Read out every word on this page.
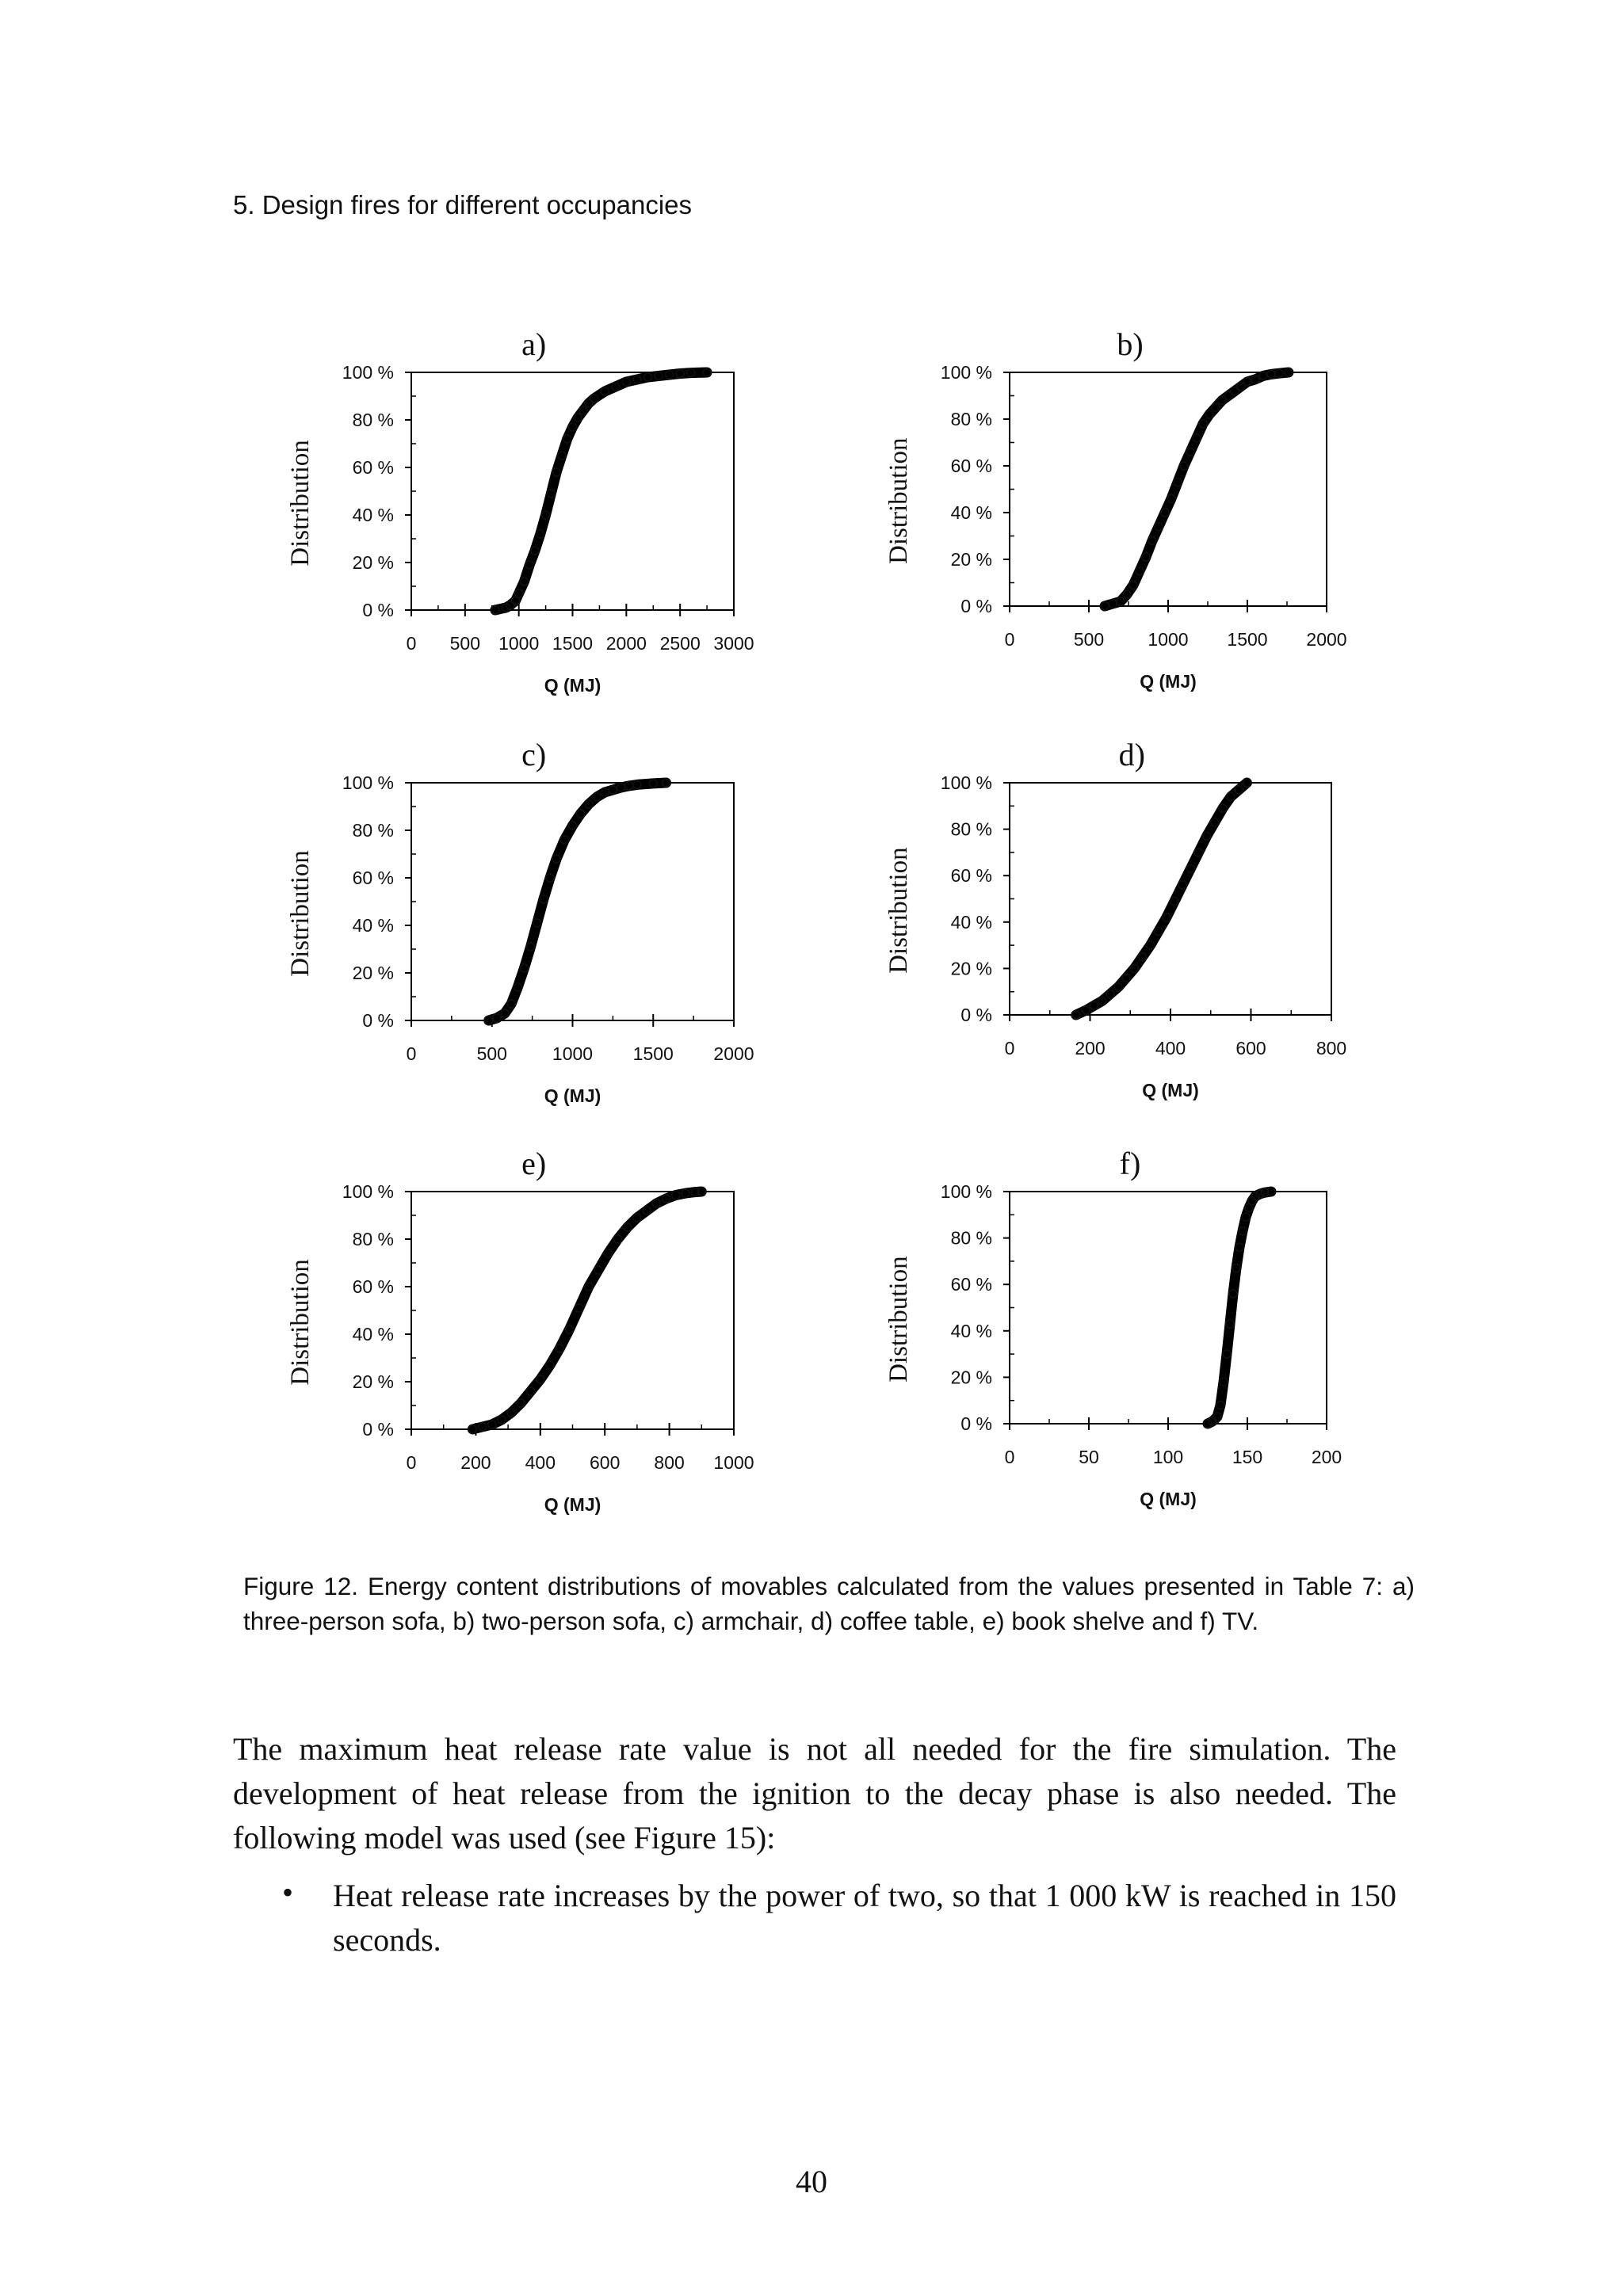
5. Design fires for different occupancies
a)
0 %
20 %
40 %
60 %
80 %
100 %
0 500 1000 1500 2000 2500 3000
Q (MJ)
Distribution
b)
0 %
20 %
40 %
60 %
80 %
100 %
0	500 1000 1500 2000
Q (MJ)
Distribution
c)
0 %
20 %
40 %
60 %
80 %
100 %
0	500 1000 1500 2000
Q (MJ)
Distribution
d)
0 %
20 %
40 %
60 %
80 %
100 %
0	200	400	600	800
Q (MJ)
Distribution
e)
0 %
20 %
40 %
60 %
80 %
100 %
0 200 400 600 800 1000
Q (MJ)
Distribution
f)
0 %
20 %
40 %
60 %
80 %
100 %
0	50	100	150	200
Q (MJ)
Distribution
Figure 12. Energy content distributions of movables calculated from the values presented in Table 7: a) three-person sofa, b) two-person sofa, c) armchair, d) coffee table, e) book shelve and f) TV.
The maximum heat release rate value is not all needed for the fire simulation. The development of heat release from the ignition to the decay phase is also needed. The following model was used (see Figure 15):
• Heat release rate increases by the power of two, so that 1 000 kW is reached in 150 seconds.
40
